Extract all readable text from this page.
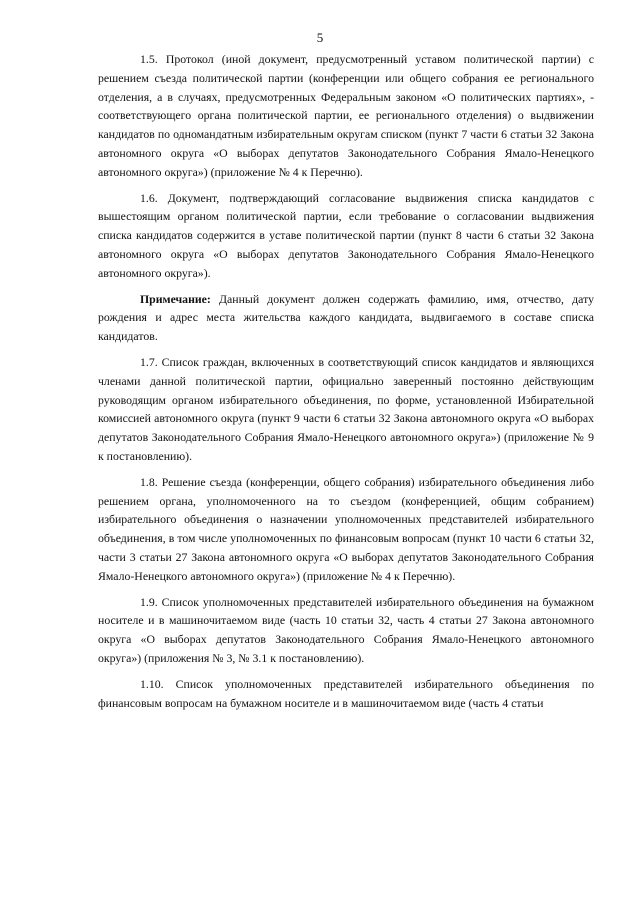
5

1.5. Протокол (иной документ, предусмотренный уставом политической партии) с решением съезда политической партии (конференции или общего собрания ее регионального отделения, а в случаях, предусмотренных Федеральным законом «О политических партиях», - соответствующего органа политической партии, ее регионального отделения) о выдвижении кандидатов по одномандатным избирательным округам списком (пункт 7 части 6 статьи 32 Закона автономного округа «О выборах депутатов Законодательного Собрания Ямало-Ненецкого автономного округа») (приложение № 4 к Перечню).

1.6. Документ, подтверждающий согласование выдвижения списка кандидатов с вышестоящим органом политической партии, если требование о согласовании выдвижения списка кандидатов содержится в уставе политической партии (пункт 8 части 6 статьи 32 Закона автономного округа «О выборах депутатов Законодательного Собрания Ямало-Ненецкого автономного округа»).

Примечание: Данный документ должен содержать фамилию, имя, отчество, дату рождения и адрес места жительства каждого кандидата, выдвигаемого в составе списка кандидатов.

1.7. Список граждан, включенных в соответствующий список кандидатов и являющихся членами данной политической партии, официально заверенный постоянно действующим руководящим органом избирательного объединения, по форме, установленной Избирательной комиссией автономного округа (пункт 9 части 6 статьи 32 Закона автономного округа «О выборах депутатов Законодательного Собрания Ямало-Ненецкого автономного округа») (приложение № 9 к постановлению).

1.8. Решение съезда (конференции, общего собрания) избирательного объединения либо решением органа, уполномоченного на то съездом (конференцией, общим собранием) избирательного объединения о назначении уполномоченных представителей избирательного объединения, в том числе уполномоченных по финансовым вопросам (пункт 10 части 6 статьи 32, части 3 статьи 27 Закона автономного округа «О выборах депутатов Законодательного Собрания Ямало-Ненецкого автономного округа») (приложение № 4 к Перечню).

1.9. Список уполномоченных представителей избирательного объединения на бумажном носителе и в машиночитаемом виде (часть 10 статьи 32, часть 4 статьи 27 Закона автономного округа «О выборах депутатов Законодательного Собрания Ямало-Ненецкого автономного округа») (приложения № 3, № 3.1 к постановлению).

1.10. Список уполномоченных представителей избирательного объединения по финансовым вопросам на бумажном носителе и в машиночитаемом виде (часть 4 статьи
